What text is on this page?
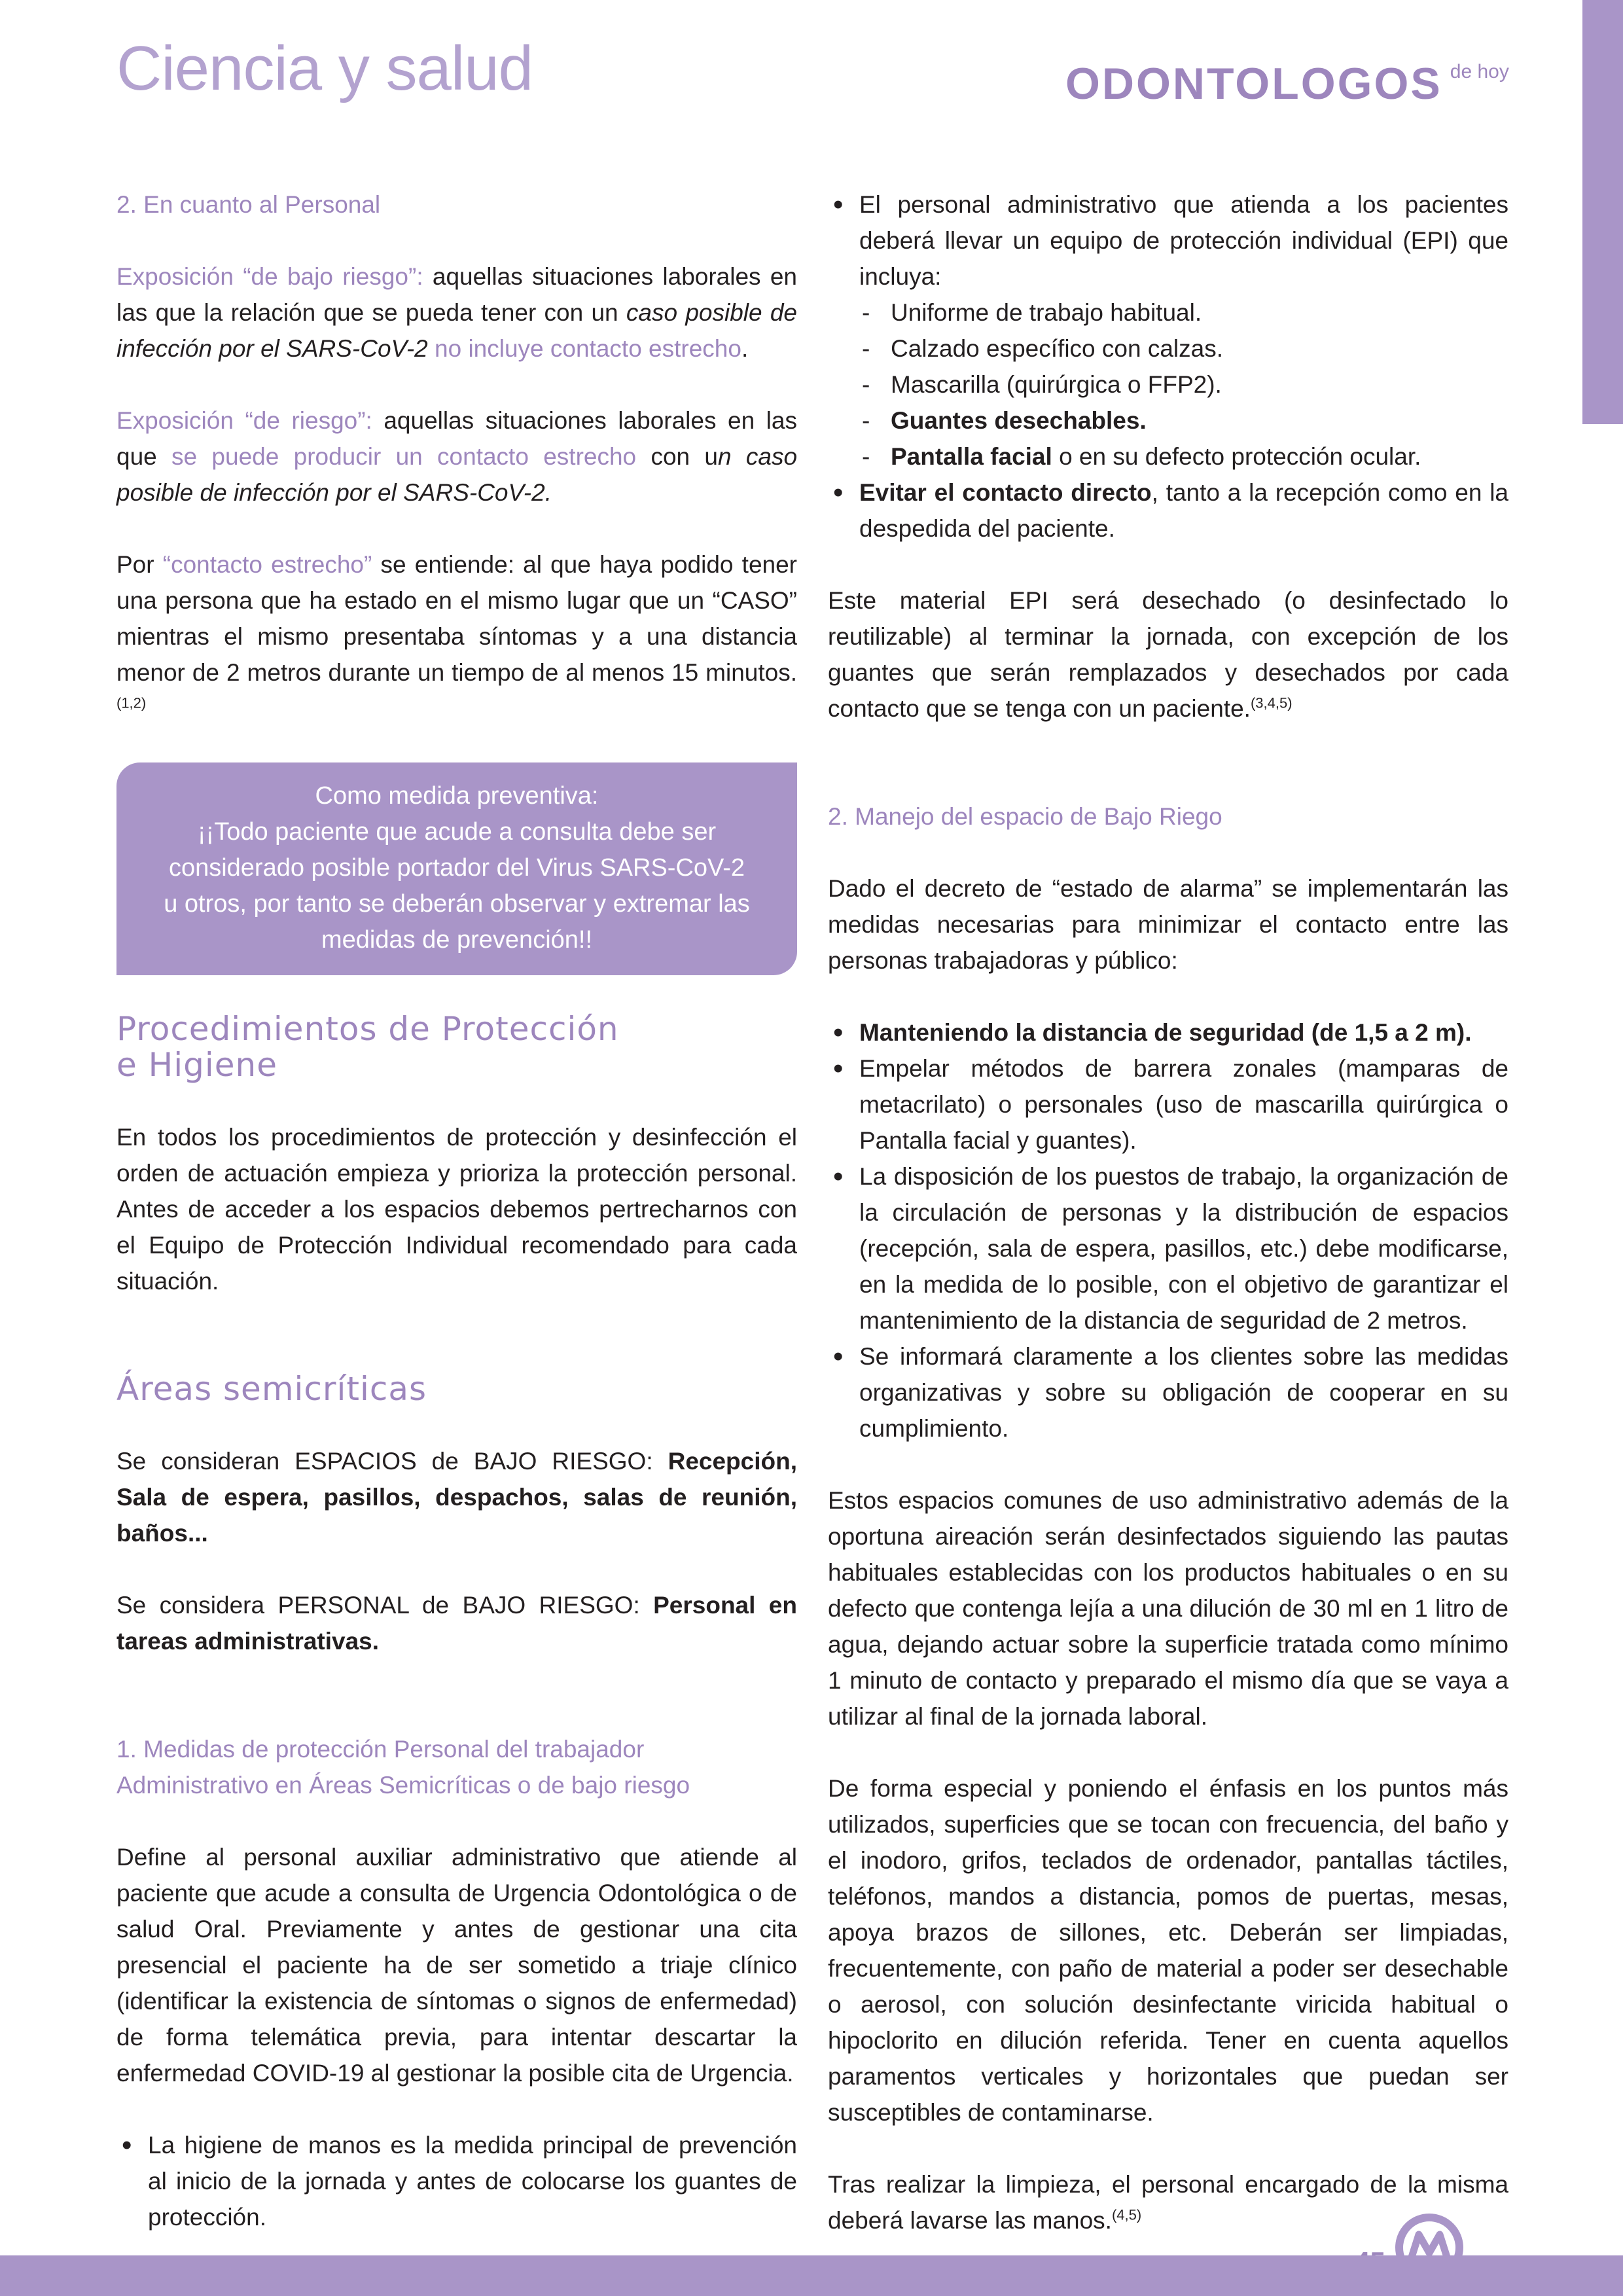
Ciencia y salud	ODONTOLOGOS de hoy
2. En cuanto al Personal

Exposición “de bajo riesgo”: aquellas situaciones laborales en las que la relación que se pueda tener con un caso posible de infección por el SARS-CoV-2 no incluye contacto estrecho.

Exposición “de riesgo”: aquellas situaciones laborales en las que se puede producir un contacto estrecho con un caso posible de infección por el SARS-CoV-2.

Por “contacto estrecho” se entiende: al que haya podido tener una persona que ha estado en el mismo lugar que un “CASO” mientras el mismo presentaba síntomas y a una distancia menor de 2 metros durante un tiempo de al menos 15 minutos.$^{(1,2)}$

Como medida preventiva:
¡¡Todo paciente que acude a consulta debe ser
considerado posible portador del Virus SARS-CoV-2
u otros, por tanto se deberán observar y extremar las
medidas de prevención!!
Procedimientos de Protección
e Higiene

En todos los procedimientos de protección y desinfección el orden de actuación empieza y prioriza la protección personal. Antes de acceder a los espacios debemos pertrecharnos con el Equipo de Protección Individual recomendado para cada situación.

Áreas semicríticas

Se consideran ESPACIOS de BAJO RIESGO: Recepción, Sala de espera, pasillos, despachos, salas de reunión, baños...

Se considera PERSONAL de BAJO RIESGO: Personal en tareas administrativas.

1. Medidas de protección Personal del trabajador
Administrativo en Áreas Semicríticas o de bajo riesgo

Define al personal auxiliar administrativo que atiende al paciente que acude a consulta de Urgencia Odontológica o de salud Oral. Previamente y antes de gestionar una cita presencial el paciente ha de ser sometido a triaje clínico (identificar la existencia de síntomas o signos de enfermedad) de forma telemática previa, para intentar descartar la enfermedad COVID-19 al gestionar la posible cita de Urgencia.

• La higiene de manos es la medida principal de prevención al inicio de la jornada y antes de colocarse los guantes de protección.
• El personal administrativo que atienda a los pacientes deberá llevar un equipo de protección individual (EPI) que incluya:
- Uniforme de trabajo habitual.
- Calzado específico con calzas.
- Mascarilla (quirúrgica o FFP2).
- Guantes desechables.
- Pantalla facial o en su defecto protección ocular.
• Evitar el contacto directo, tanto a la recepción como en la despedida del paciente.

Este material EPI será desechado (o desinfectado lo reutilizable) al terminar la jornada, con excepción de los guantes que serán remplazados y desechados por cada contacto que se tenga con un paciente.$^{(3,4,5)}$

2. Manejo del espacio de Bajo Riego

Dado el decreto de “estado de alarma” se implementarán las medidas necesarias para minimizar el contacto entre las personas trabajadoras y público:

• Manteniendo la distancia de seguridad (de 1,5 a 2 m).
• Empelar métodos de barrera zonales (mamparas de metacrilato) o personales (uso de mascarilla quirúrgica o Pantalla facial y guantes).
• La disposición de los puestos de trabajo, la organización de la circulación de personas y la distribución de espacios (recepción, sala de espera, pasillos, etc.) debe modificarse, en la medida de lo posible, con el objetivo de garantizar el mantenimiento de la distancia de seguridad de 2 metros.
• Se informará claramente a los clientes sobre las medidas organizativas y sobre su obligación de cooperar en su cumplimiento.

Estos espacios comunes de uso administrativo además de la oportuna aireación serán desinfectados siguiendo las pautas habituales establecidas con los productos habituales o en su defecto que contenga lejía a una dilución de 30 ml en 1 litro de agua, dejando actuar sobre la superficie tratada como mínimo 1 minuto de contacto y preparado el mismo día que se vaya a utilizar al final de la jornada laboral.

De forma especial y poniendo el énfasis en los puntos más utilizados, superficies que se tocan con frecuencia, del baño y el inodoro, grifos, teclados de ordenador, pantallas táctiles, teléfonos, mandos a distancia, pomos de puertas, mesas, apoya brazos de sillones, etc. Deberán ser limpiadas, frecuentemente, con paño de material a poder ser desechable o aerosol, con solución desinfectante viricida habitual o hipoclorito en dilución referida. Tener en cuenta aquellos paramentos verticales y horizontales que puedan ser susceptibles de contaminarse.

Tras realizar la limpieza, el personal encargado de la misma deberá lavarse las manos.$^{(4,5)}$
